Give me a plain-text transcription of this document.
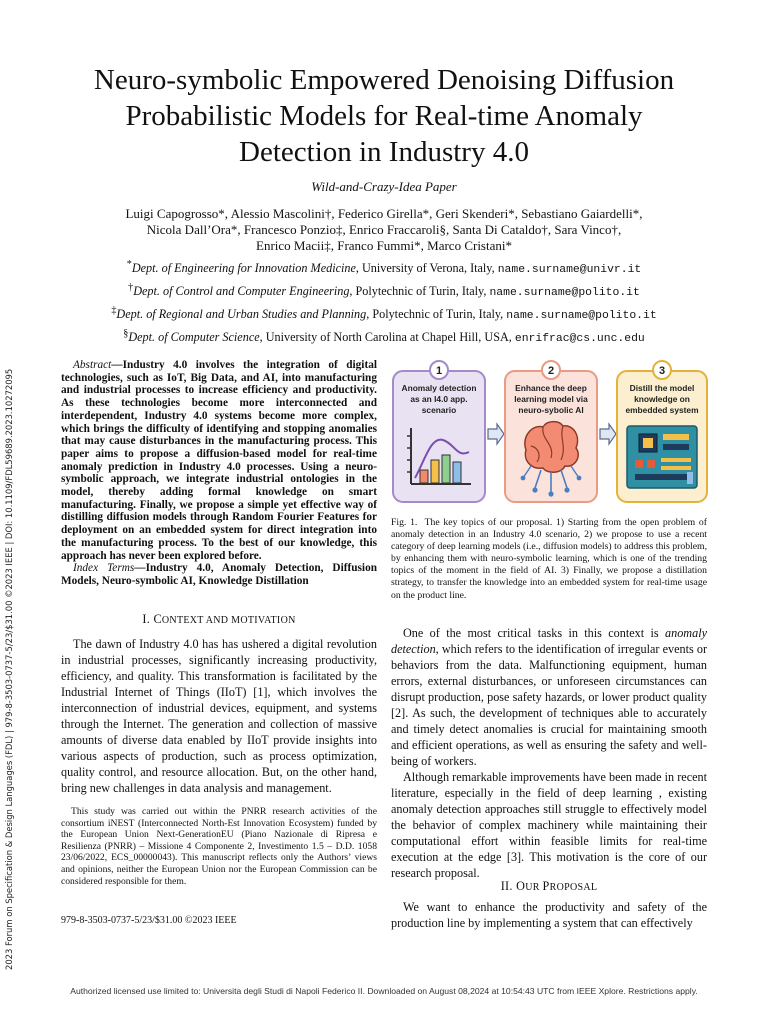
Neuro-symbolic Empowered Denoising Diffusion
Probabilistic Models for Real-time Anomaly
Detection in Industry 4.0
Wild-and-Crazy-Idea Paper
Luigi Capogrosso*, Alessio Mascolini†, Federico Girella*, Geri Skenderi*, Sebastiano Gaiardelli*,
Nicola Dall’Ora*, Francesco Ponzio‡, Enrico Fraccaroli§, Santa Di Cataldo†, Sara Vinco†,
Enrico Macii‡, Franco Fummi*, Marco Cristani*
*Dept. of Engineering for Innovation Medicine, University of Verona, Italy, name.surname@univr.it
†Dept. of Control and Computer Engineering, Polytechnic of Turin, Italy, name.surname@polito.it
‡Dept. of Regional and Urban Studies and Planning, Polytechnic of Turin, Italy, name.surname@polito.it
§Dept. of Computer Science, University of North Carolina at Chapel Hill, USA, enrifrac@cs.unc.edu
2023 Forum on Specification & Design Languages (FDL) | 979-8-3503-0737-5/23/$31.00 ©2023 IEEE | DOI: 10.1109/FDL59689.2023.10272095

Abstract—Industry 4.0 involves the integration of digital technologies, such as IoT, Big Data, and AI, into manufacturing and industrial processes to increase efficiency and productivity. As these technologies become more interconnected and interdependent, Industry 4.0 systems become more complex, which brings the difficulty of identifying and stopping anomalies that may cause disturbances in the manufacturing process. This paper aims to propose a diffusion-based model for real-time anomaly prediction in Industry 4.0 processes. Using a neuro-symbolic approach, we integrate industrial ontologies in the model, thereby adding formal knowledge on smart manufacturing. Finally, we propose a simple yet effective way of distilling diffusion models through Random Fourier Features for deployment on an embedded system for direct integration into the manufacturing process. To the best of our knowledge, this approach has never been explored before.

Index Terms—Industry 4.0, Anomaly Detection, Diffusion Models, Neuro-symbolic AI, Knowledge Distillation

I. CONTEXT AND MOTIVATION

The dawn of Industry 4.0 has has ushered a digital revolution in industrial processes, significantly increasing productivity, efficiency, and quality. This transformation is facilitated by the Industrial Internet of Things (IIoT) [1], which involves the interconnection of industrial devices, equipment, and systems through the Internet. The generation and collection of massive amounts of diverse data enabled by IIoT provide insights into various aspects of production, such as process optimization, quality control, and resource allocation. But, on the other hand, bring new challenges in data analysis and management.

This study was carried out within the PNRR research activities of the consortium iNEST (Interconnected North-Est Innovation Ecosystem) funded by the European Union Next-GenerationEU (Piano Nazionale di Ripresa e Resilienza (PNRR) – Missione 4 Componente 2, Investimento 1.5 – D.D. 1058 23/06/2022, ECS_00000043). This manuscript reflects only the Authors’ views and opinions, neither the European Union nor the European Commission can be considered responsible for them.

979-8-3503-0737-5/23/$31.00 ©2023 IEEE
1
Anomaly detection
as an I4.0 app.
scenario
2
Enhance the deep
learning model via
neuro-sybolic AI
3
Distill the model
knowledge on
embedded system
Fig. 1. The key topics of our proposal. 1) Starting from the open problem of anomaly detection in an Industry 4.0 scenario, 2) we propose to use a recent category of deep learning models (i.e., diffusion models) to address this problem, by enhancing them with neuro-symbolic learning, which is one of the trending topics of the moment in the field of AI. 3) Finally, we propose a distillation strategy, to transfer the knowledge into an embedded system for real-time usage on the product line.

One of the most critical tasks in this context is anomaly detection, which refers to the identification of irregular events or behaviors from the data. Malfunctioning equipment, human errors, external disturbances, or unforeseen circumstances can disrupt production, pose safety hazards, or lower product quality [2]. As such, the development of techniques able to accurately and timely detect anomalies is crucial for maintaining smooth and efficient operations, as well as ensuring the safety and well-being of workers.

Although remarkable improvements have been made in recent literature, especially in the field of deep learning , existing anomaly detection approaches still struggle to effectively model the behavior of complex machinery while maintaining their computational effort within feasible limits for real-time execution at the edge [3]. This motivation is the core of our research proposal.

II. OUR PROPOSAL

We want to enhance the productivity and safety of the production line by implementing a system that can effectively

Authorized licensed use limited to: Universita degli Studi di Napoli Federico II. Downloaded on August 08,2024 at 10:54:43 UTC from IEEE Xplore. Restrictions apply.
